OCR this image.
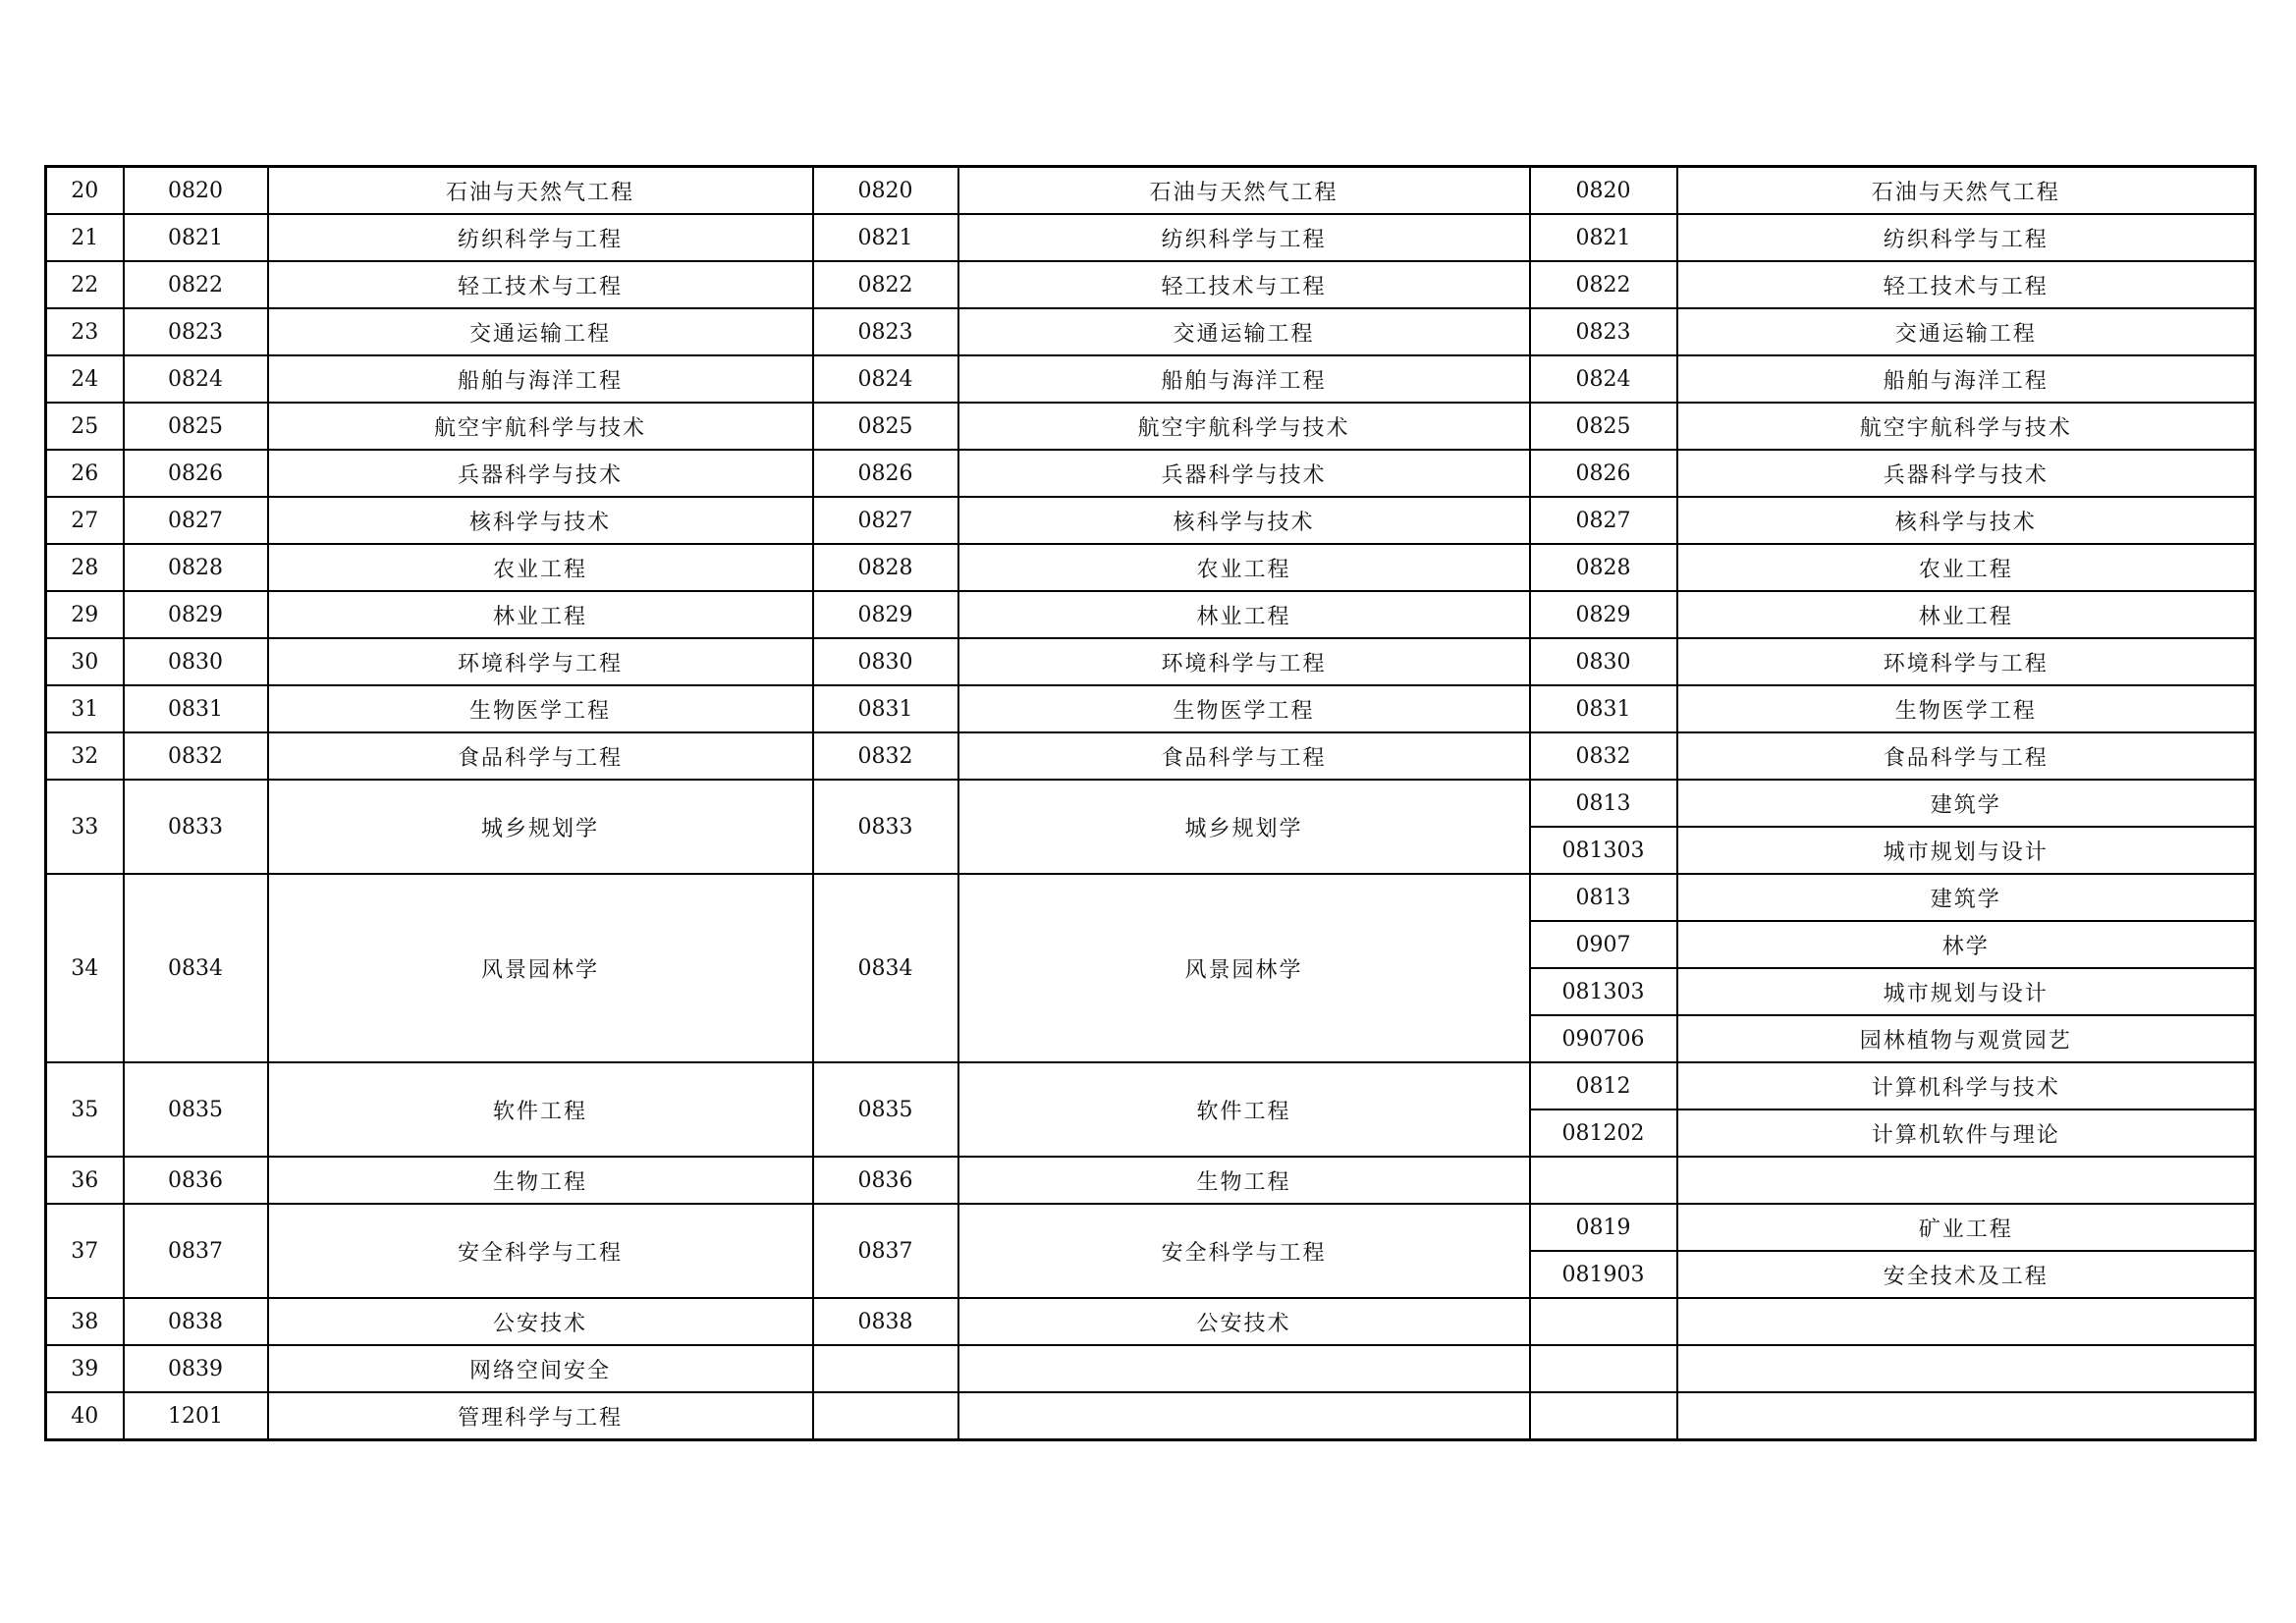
20	0820	石油与天然气工程	0820	石油与天然气工程	0820	石油与天然气工程
21	0821	纺织科学与工程	0821	纺织科学与工程	0821	纺织科学与工程
22	0822	轻工技术与工程	0822	轻工技术与工程	0822	轻工技术与工程
23	0823	交通运输工程	0823	交通运输工程	0823	交通运输工程
24	0824	船舶与海洋工程	0824	船舶与海洋工程	0824	船舶与海洋工程
25	0825	航空宇航科学与技术	0825	航空宇航科学与技术	0825	航空宇航科学与技术
26	0826	兵器科学与技术	0826	兵器科学与技术	0826	兵器科学与技术
27	0827	核科学与技术	0827	核科学与技术	0827	核科学与技术
28	0828	农业工程	0828	农业工程	0828	农业工程
29	0829	林业工程	0829	林业工程	0829	林业工程
30	0830	环境科学与工程	0830	环境科学与工程	0830	环境科学与工程
31	0831	生物医学工程	0831	生物医学工程	0831	生物医学工程
32	0832	食品科学与工程	0832	食品科学与工程	0832	食品科学与工程
33	0833	城乡规划学	0833	城乡规划学	0813	建筑学
					081303	城市规划与设计
34	0834	风景园林学	0834	风景园林学	0813	建筑学
					0907	林学
					081303	城市规划与设计
					090706	园林植物与观赏园艺
35	0835	软件工程	0835	软件工程	0812	计算机科学与技术
					081202	计算机软件与理论
36	0836	生物工程	0836	生物工程		
37	0837	安全科学与工程	0837	安全科学与工程	0819	矿业工程
					081903	安全技术及工程
38	0838	公安技术	0838	公安技术		
39	0839	网络空间安全				
40	1201	管理科学与工程				
